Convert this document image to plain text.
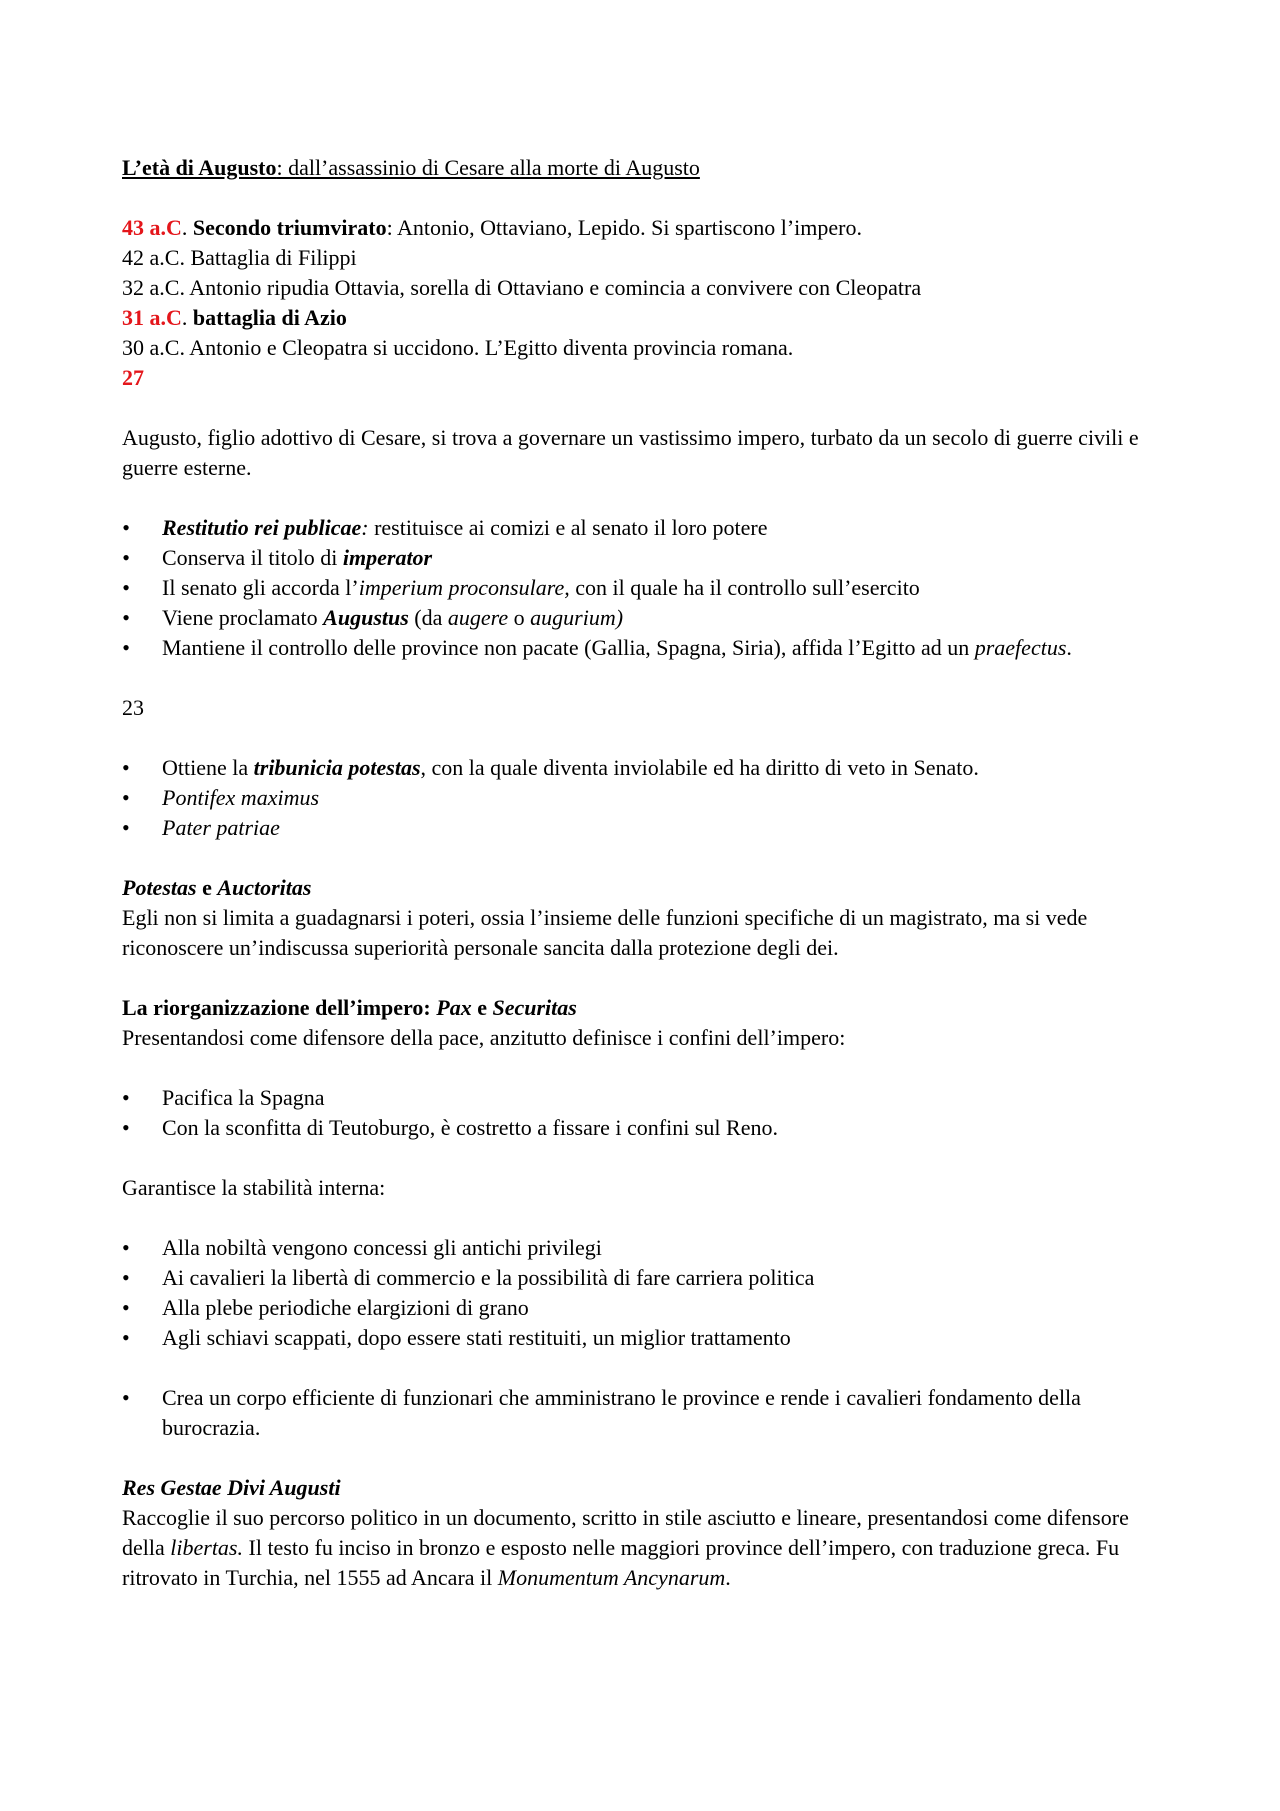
L’età di Augusto: dall’assassinio di Cesare alla morte di Augusto

43 a.C. Secondo triumvirato: Antonio, Ottaviano, Lepido. Si spartiscono l’impero.

42 a.C. Battaglia di Filippi

32 a.C. Antonio ripudia Ottavia, sorella di Ottaviano e comincia a convivere con Cleopatra

31 a.C. battaglia di Azio

30 a.C. Antonio e Cleopatra si uccidono. L’Egitto diventa provincia romana.

27

Augusto, figlio adottivo di Cesare, si trova a governare un vastissimo impero, turbato da un secolo di guerre civili e guerre esterne.

•	Restitutio rei publicae: restituisce ai comizi e al senato il loro potere
•	Conserva il titolo di imperator
•	Il senato gli accorda l’imperium proconsulare, con il quale ha il controllo sull’esercito
•	Viene proclamato Augustus (da augere o augurium)
•	Mantiene il controllo delle province non pacate (Gallia, Spagna, Siria), affida l’Egitto ad un praefectus.

23

•	Ottiene la tribunicia potestas, con la quale diventa inviolabile ed ha diritto di veto in Senato.
•	Pontifex maximus
•	Pater patriae

Potestas e Auctoritas

Egli non si limita a guadagnarsi i poteri, ossia l’insieme delle funzioni specifiche di un magistrato, ma si vede riconoscere un’indiscussa superiorità personale sancita dalla protezione degli dei.

La riorganizzazione dell’impero: Pax e Securitas

Presentandosi come difensore della pace, anzitutto definisce i confini dell’impero:

•	Pacifica la Spagna
•	Con la sconfitta di Teutoburgo, è costretto a fissare i confini sul Reno.

Garantisce la stabilità interna:

•	Alla nobiltà vengono concessi gli antichi privilegi
•	Ai cavalieri la libertà di commercio e la possibilità di fare carriera politica
•	Alla plebe periodiche elargizioni di grano
•	Agli schiavi scappati, dopo essere stati restituiti, un miglior trattamento
•	Crea un corpo efficiente di funzionari che amministrano le province e rende i cavalieri fondamento della burocrazia.

Res Gestae Divi Augusti

Raccoglie il suo percorso politico in un documento, scritto in stile asciutto e lineare, presentandosi come difensore della libertas. Il testo fu inciso in bronzo e esposto nelle maggiori province dell’impero, con traduzione greca. Fu ritrovato in Turchia, nel 1555 ad Ancara il Monumentum Ancynarum.
